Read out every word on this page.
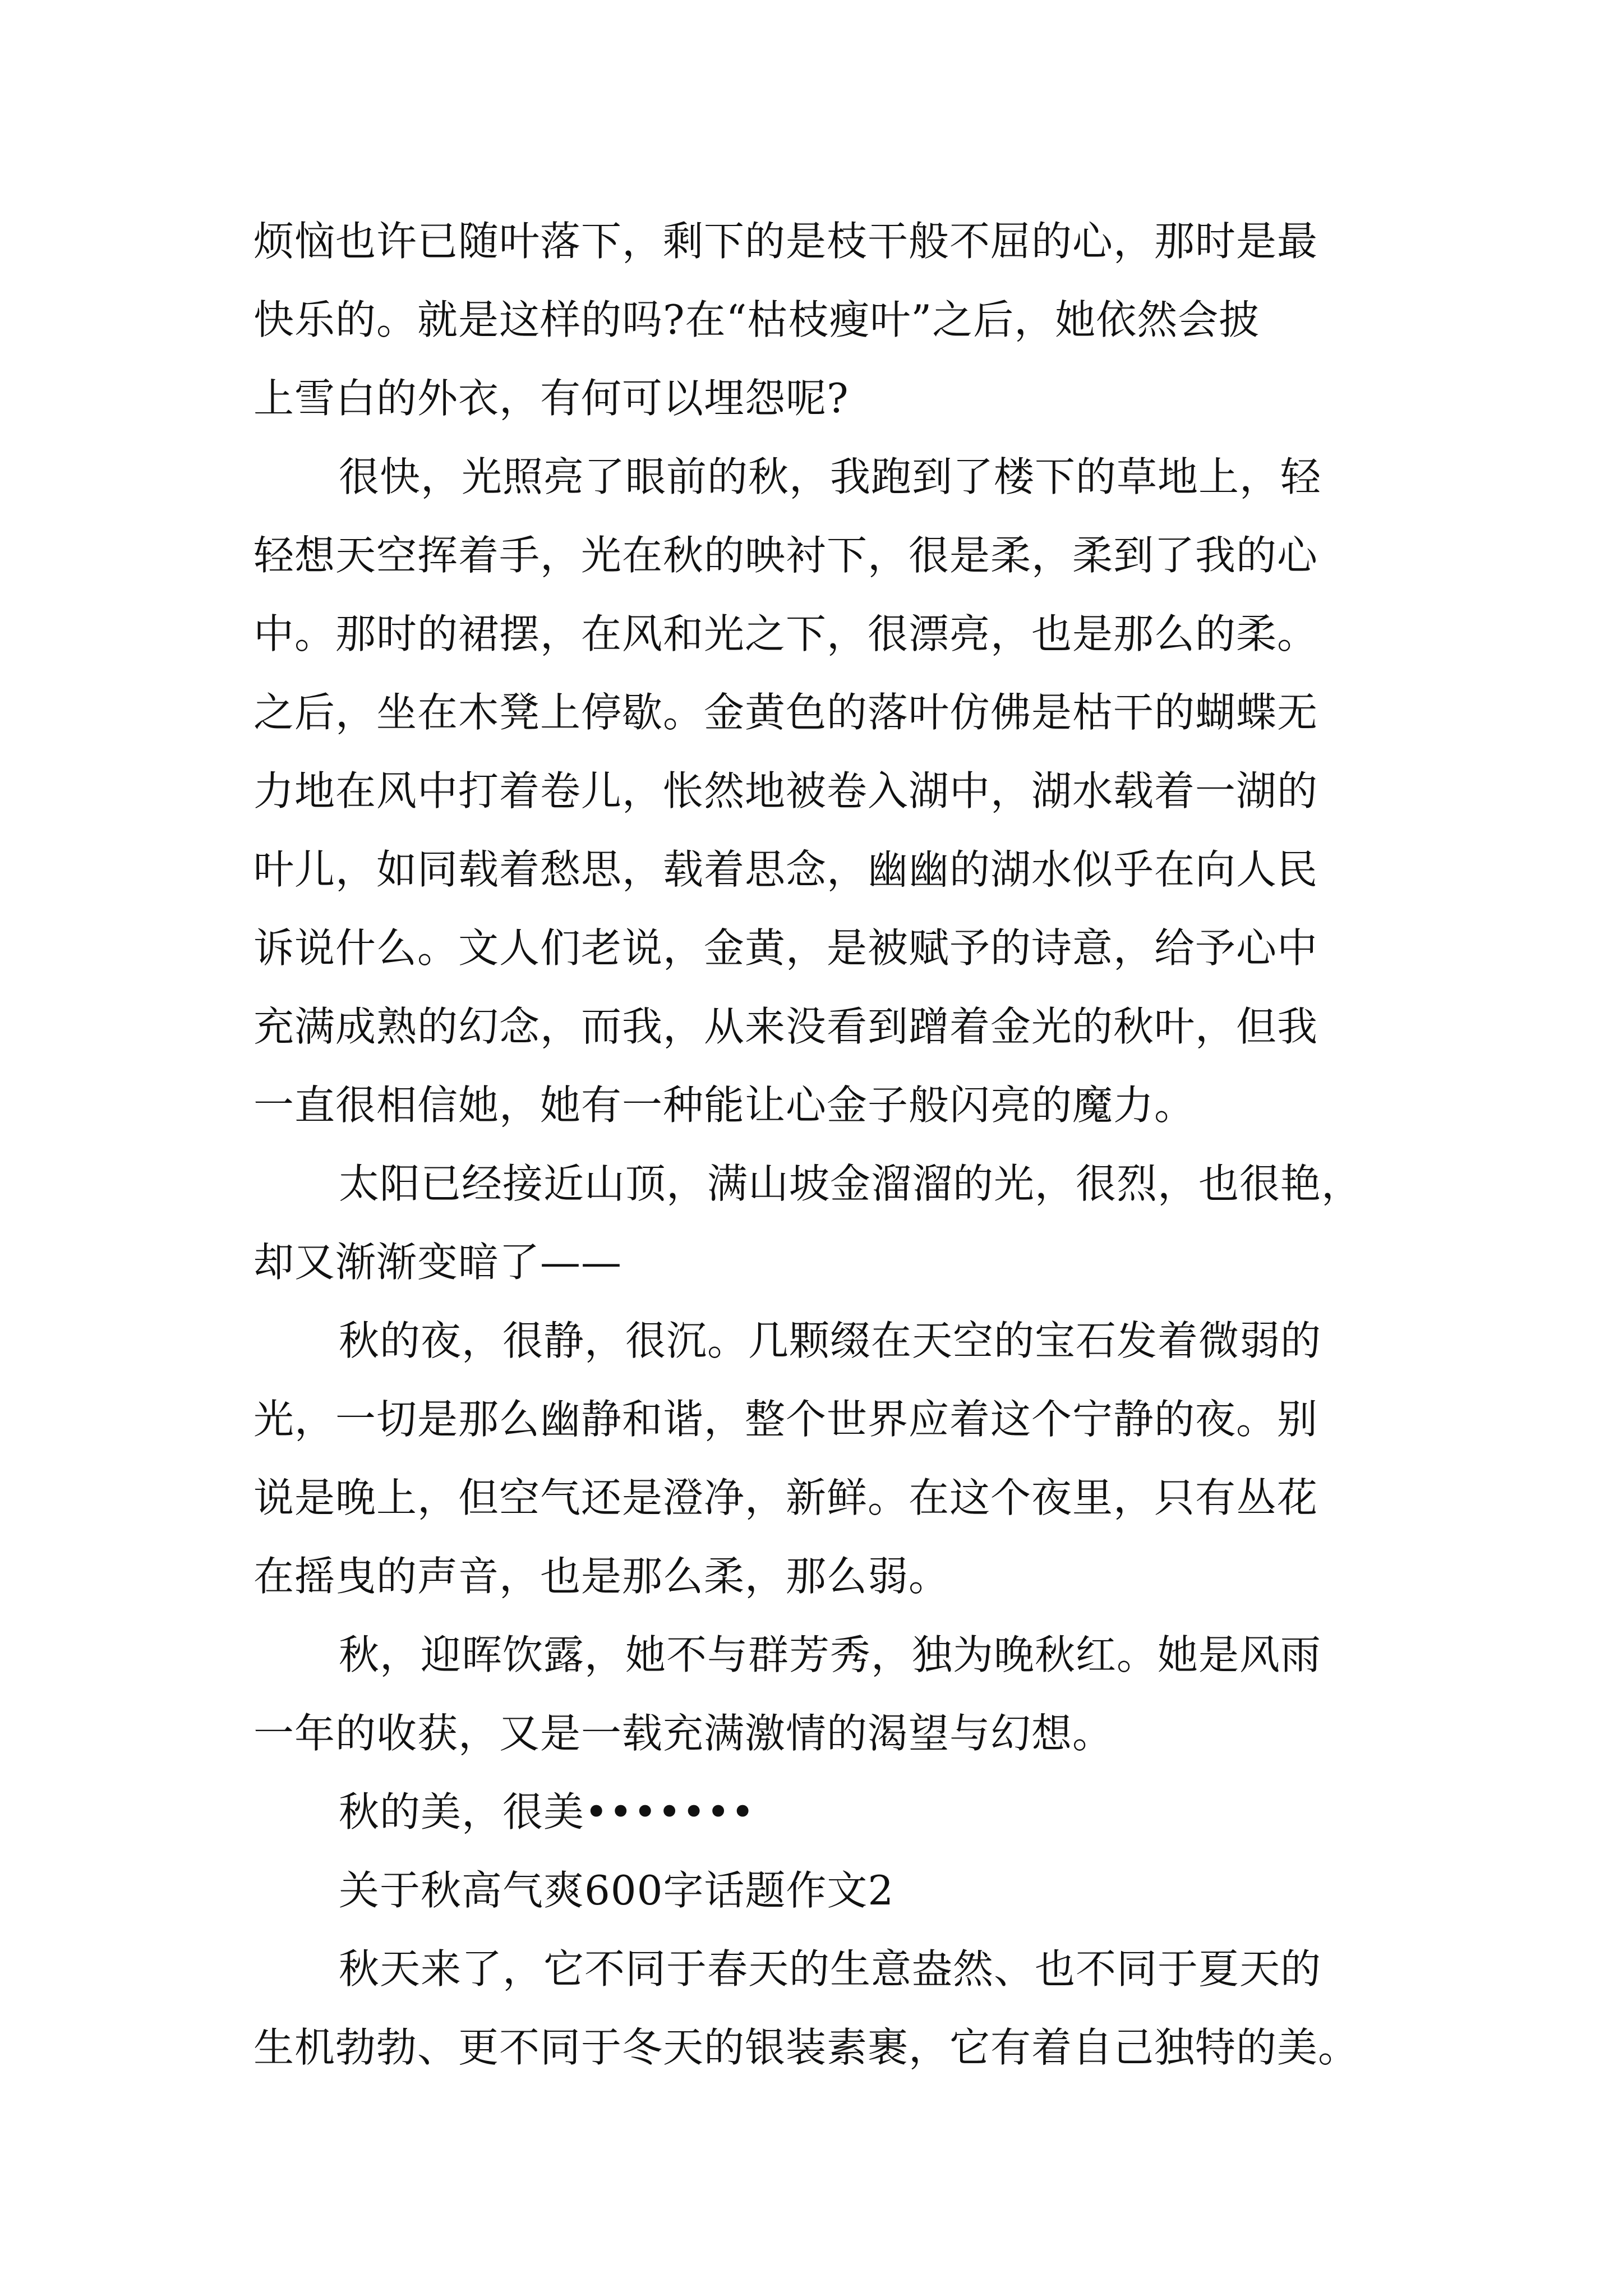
烦恼也许已随叶落下，剩下的是枝干般不屈的心，那时是最
快乐的。就是这样的吗?在“枯枝瘦叶”之后，她依然会披
上雪白的外衣，有何可以埋怨呢?
很快，光照亮了眼前的秋，我跑到了楼下的草地上，轻
轻想天空挥着手，光在秋的映衬下，很是柔，柔到了我的心
中。那时的裙摆，在风和光之下，很漂亮，也是那么的柔。
之后，坐在木凳上停歇。金黄色的落叶仿佛是枯干的蝴蝶无
力地在风中打着卷儿，怅然地被卷入湖中，湖水载着一湖的
叶儿，如同载着愁思，载着思念，幽幽的湖水似乎在向人民
诉说什么。文人们老说，金黄，是被赋予的诗意，给予心中
充满成熟的幻念，而我，从来没看到蹭着金光的秋叶，但我
一直很相信她，她有一种能让心金子般闪亮的魔力。
太阳已经接近山顶，满山坡金溜溜的光，很烈，也很艳，
却又渐渐变暗了——
秋的夜，很静，很沉。几颗缀在天空的宝石发着微弱的
光，一切是那么幽静和谐，整个世界应着这个宁静的夜。别
说是晚上，但空气还是澄净，新鲜。在这个夜里，只有丛花
在摇曳的声音，也是那么柔，那么弱。
秋，迎晖饮露，她不与群芳秀，独为晚秋红。她是风雨
一年的收获，又是一载充满激情的渴望与幻想。
秋的美，很美•••••••
关于秋高气爽600字话题作文2
秋天来了，它不同于春天的生意盎然、也不同于夏天的
生机勃勃、更不同于冬天的银装素裹，它有着自己独特的美。
